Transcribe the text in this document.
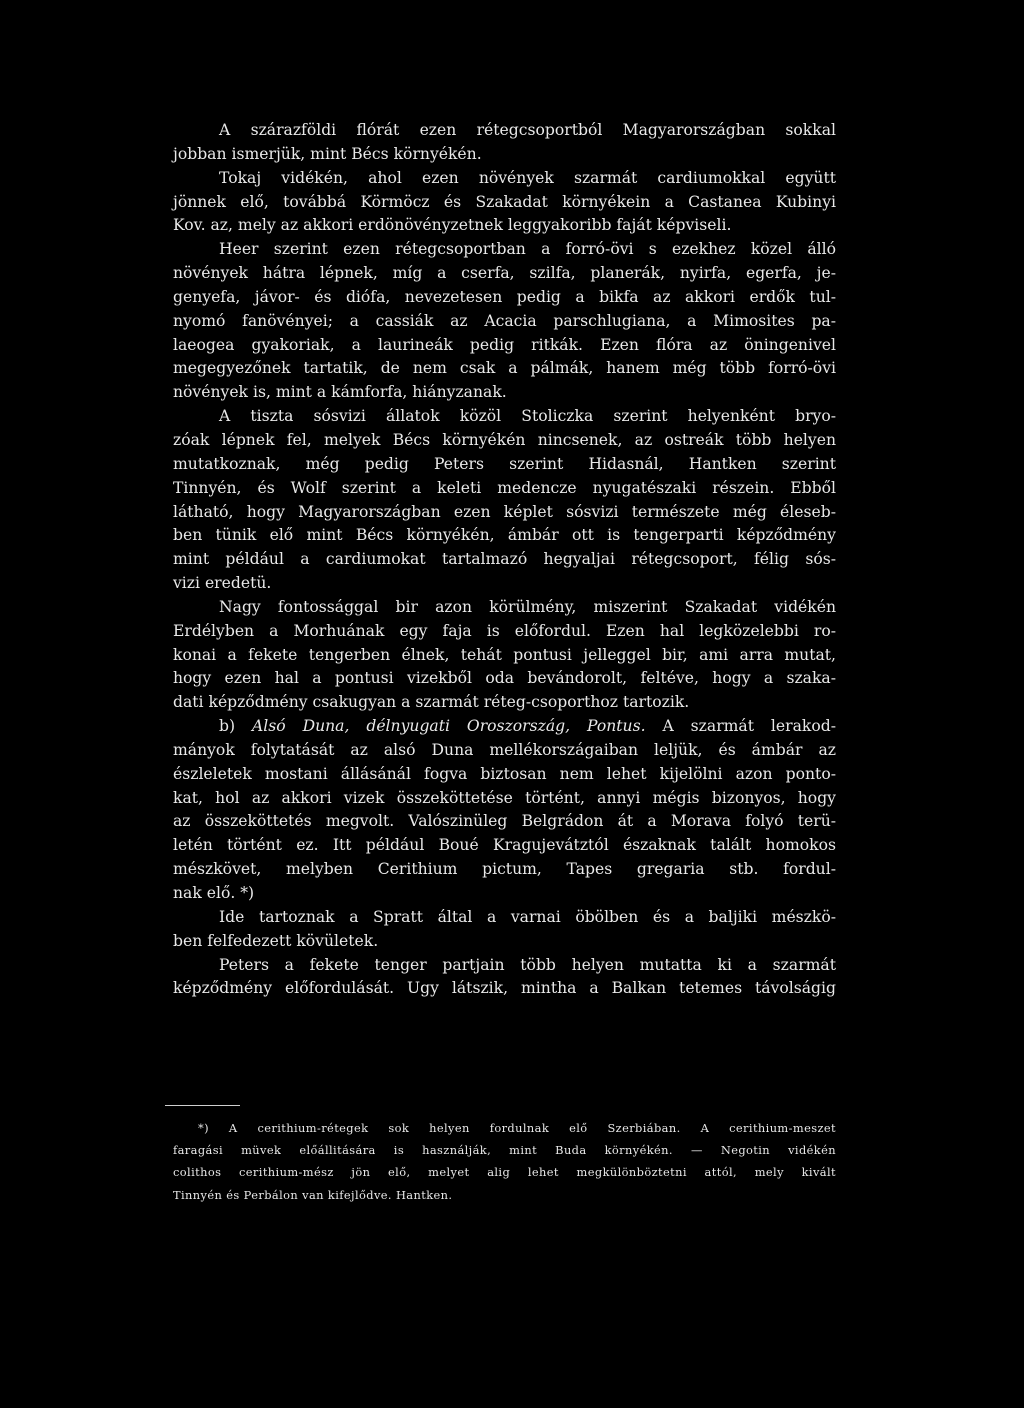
A szárazföldi flórát ezen rétegcsoportból Magyarországban sokkal
jobban ismerjük, mint Bécs környékén.
Tokaj vidékén, ahol ezen növények szarmát cardiumokkal együtt
jönnek elő, továbbá Körmöcz és Szakadat környékein a Castanea Kubinyi
Kov. az, mely az akkori erdönövényzetnek leggyakoribb faját képviseli.
Heer szerint ezen rétegcsoportban a forró-övi s ezekhez közel álló
növények hátra lépnek, míg a cserfa, szilfa, planerák, nyirfa, egerfa, je-
genyefa, jávor- és diófa, nevezetesen pedig a bikfa az akkori erdők tul-
nyomó fanövényei; a cassiák az Acacia parschlugiana, a Mimosites pa-
laeogea gyakoriak, a laurineák pedig ritkák. Ezen flóra az öningenivel
megegyezőnek tartatik, de nem csak a pálmák, hanem még több forró-övi
növények is, mint a kámforfa, hiányzanak.
A tiszta sósvizi állatok közöl Stoliczka szerint helyenként bryo-
zóak lépnek fel, melyek Bécs környékén nincsenek, az ostreák több helyen
mutatkoznak, még pedig Peters szerint Hidasnál, Hantken szerint
Tinnyén, és Wolf szerint a keleti medencze nyugatészaki részein. Ebből
látható, hogy Magyarországban ezen képlet sósvizi természete még éleseb-
ben tünik elő mint Bécs környékén, ámbár ott is tengerparti képződmény
mint például a cardiumokat tartalmazó hegyaljai rétegcsoport, félig sós-
vizi eredetü.
Nagy fontossággal bir azon körülmény, miszerint Szakadat vidékén
Erdélyben a Morhuának egy faja is előfordul. Ezen hal legközelebbi ro-
konai a fekete tengerben élnek, tehát pontusi jelleggel bir, ami arra mutat,
hogy ezen hal a pontusi vizekből oda bevándorolt, feltéve, hogy a szaka-
dati képződmény csakugyan a szarmát réteg-csoporthoz tartozik.
b) Alsó Duna, délnyugati Oroszország, Pontus. A szarmát lerakod-
mányok folytatását az alsó Duna mellékországaiban leljük, és ámbár az
észleletek mostani állásánál fogva biztosan nem lehet kijelölni azon ponto-
kat, hol az akkori vizek összeköttetése történt, annyi mégis bizonyos, hogy
az összeköttetés megvolt. Valószinüleg Belgrádon át a Morava folyó terü-
letén történt ez. Itt például Boué Kragujevátztól északnak talált homokos
mészkövet, melyben Cerithium pictum, Tapes gregaria stb. fordul-
nak elő. *)
Ide tartoznak a Spratt által a varnai öbölben és a baljiki mészkö-
ben felfedezett kövületek.
Peters a fekete tenger partjain több helyen mutatta ki a szarmát
képződmény előfordulását. Ugy látszik, mintha a Balkan tetemes távolságig
*) A cerithium-rétegek sok helyen fordulnak elő Szerbiában. A cerithium-meszet
faragási müvek előállitására is használják, mint Buda környékén. — Negotin vidékén
colithos cerithium-mész jön elő, melyet alig lehet megkülönböztetni attól, mely kivált
Tinnyén és Perbálon van kifejlődve. Hantken.
